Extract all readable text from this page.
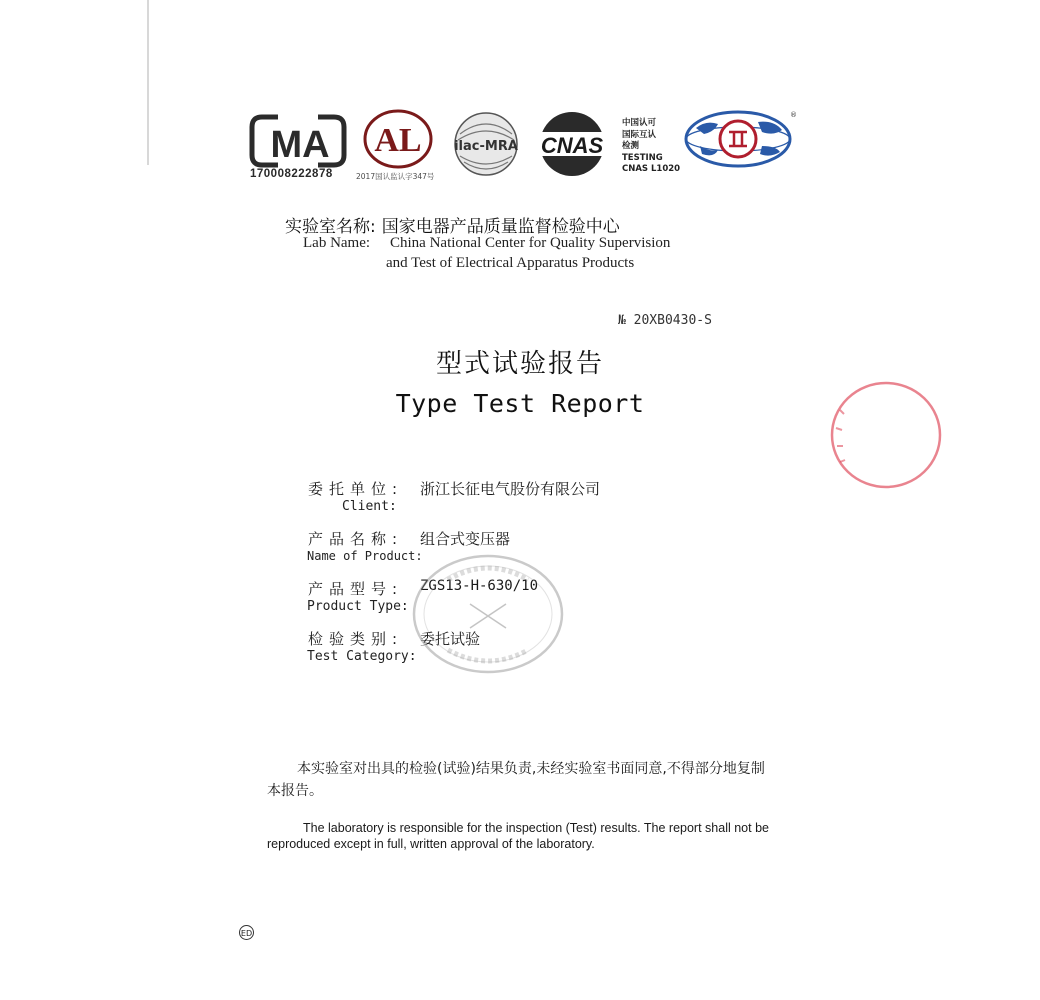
MA
170008222878
AL
2017国认监认字347号
ilac-MRA CNAS
中国认可
国际互认
检测
TESTING
CNAS L1020
®
实验室名称: 国家电器产品质量监督检验中心
Lab Name: China National Center for Quality Supervision
and Test of Electrical Apparatus Products
№ 20XB0430-S
型式试验报告
Type Test Report
委托单位: 浙江长征电气股份有限公司
Client:
产品名称: 组合式变压器
Name of Product:
产品型号: ZGS13-H-630/10
Product Type:
检验类别: 委托试验
Test Category:
本实验室对出具的检验(试验)结果负责,未经实验室书面同意,不得部分地复制本报告。
The laboratory is responsible for the inspection (Test) results. The report shall not be reproduced except in full, written approval of the laboratory.
ED
